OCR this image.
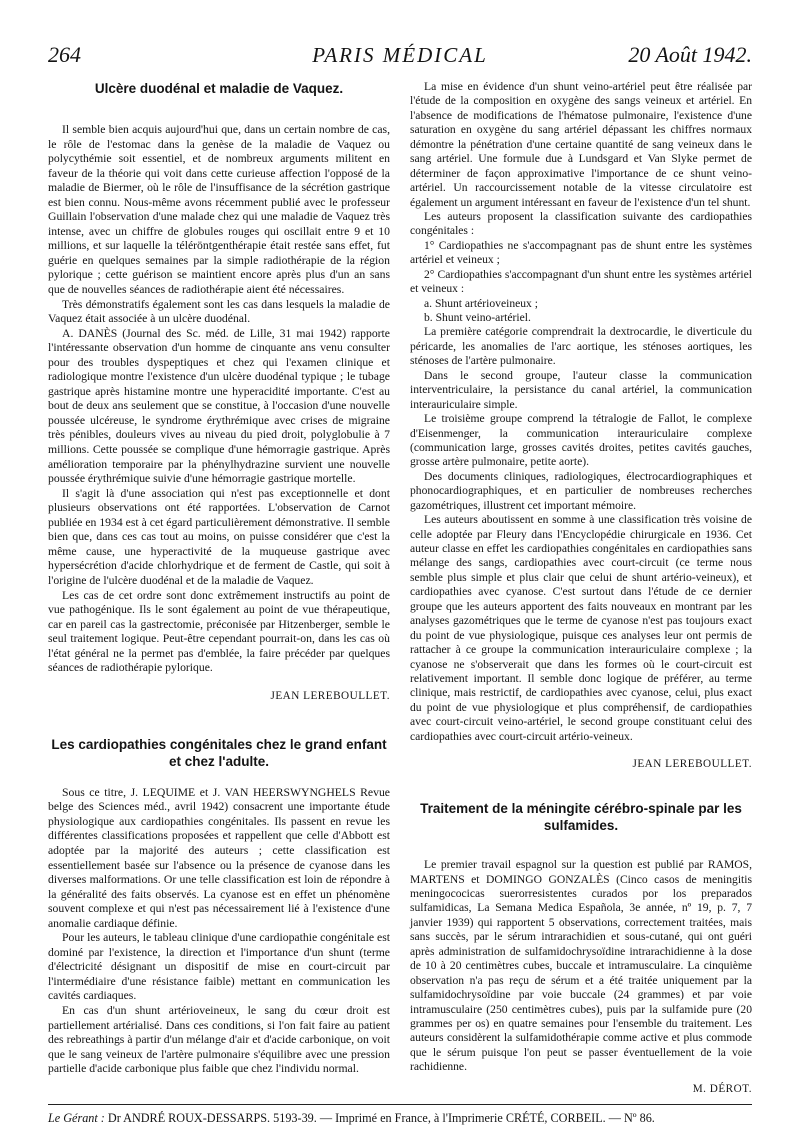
264	PARIS MÉDICAL	20 Août 1942.
Ulcère duodénal et maladie de Vaquez.

Il semble bien acquis aujourd'hui que, dans un certain nombre de cas, le rôle de l'estomac dans la genèse de la maladie de Vaquez ou polycythémie soit essentiel, et de nombreux arguments militent en faveur de la théorie qui voit dans cette curieuse affection l'opposé de la maladie de Biermer, où le rôle de l'insuffisance de la sécrétion gastrique est bien connu. Nous-même avons récemment publié avec le professeur Guillain l'observation d'une malade chez qui une maladie de Vaquez très intense, avec un chiffre de globules rouges qui oscillait entre 9 et 10 millions, et sur laquelle la téléröntgenthérapie était restée sans effet, fut guérie en quelques semaines par la simple radiothérapie de la région pylorique ; cette guérison se maintient encore après plus d'un an sans que de nouvelles séances de radiothérapie aient été nécessaires.

Très démonstratifs également sont les cas dans lesquels la maladie de Vaquez était associée à un ulcère duodénal.

A. DANÈS (Journal des Sc. méd. de Lille, 31 mai 1942) rapporte l'intéressante observation d'un homme de cinquante ans venu consulter pour des troubles dyspeptiques et chez qui l'examen clinique et radiologique montre l'existence d'un ulcère duodénal typique ; le tubage gastrique après histamine montre une hyperacidité importante. C'est au bout de deux ans seulement que se constitue, à l'occasion d'une nouvelle poussée ulcéreuse, le syndrome érythrémique avec crises de migraine très pénibles, douleurs vives au niveau du pied droit, polyglobulie à 7 millions. Cette poussée se complique d'une hémorragie gastrique. Après amélioration temporaire par la phénylhydrazine survient une nouvelle poussée érythrémique suivie d'une hémorragie gastrique mortelle.

Il s'agit là d'une association qui n'est pas exceptionnelle et dont plusieurs observations ont été rapportées. L'observation de Carnot publiée en 1934 est à cet égard particulièrement démonstrative. Il semble bien que, dans ces cas tout au moins, on puisse considérer que c'est la même cause, une hyperactivité de la muqueuse gastrique avec hypersécrétion d'acide chlorhydrique et de ferment de Castle, qui soit à l'origine de l'ulcère duodénal et de la maladie de Vaquez.

Les cas de cet ordre sont donc extrêmement instructifs au point de vue pathogénique. Ils le sont également au point de vue thérapeutique, car en pareil cas la gastrectomie, préconisée par Hitzenberger, semble le seul traitement logique. Peut-être cependant pourrait-on, dans les cas où l'état général ne la permet pas d'emblée, la faire précéder par quelques séances de radiothérapie pylorique.

JEAN LEREBOULLET.

Les cardiopathies congénitales chez le grand enfant et chez l'adulte.

Sous ce titre, J. LEQUIME et J. VAN HEERSWYNGHELS Revue belge des Sciences méd., avril 1942) consacrent une importante étude physiologique aux cardiopathies congénitales. Ils passent en revue les différentes classifications proposées et rappellent que celle d'Abbott est adoptée par la majorité des auteurs ; cette classification est essentiellement basée sur l'absence ou la présence de cyanose dans les diverses malformations. Or une telle classification est loin de répondre à la généralité des faits observés. La cyanose est en effet un phénomène souvent complexe et qui n'est pas nécessairement lié à l'existence d'une anomalie cardiaque définie.

Pour les auteurs, le tableau clinique d'une cardiopathie congénitale est dominé par l'existence, la direction et l'importance d'un shunt (terme d'électricité désignant un dispositif de mise en court-circuit par l'intermédiaire d'une résistance faible) mettant en communication les cavités cardiaques.

En cas d'un shunt artérioveineux, le sang du cœur droit est partiellement artérialisé. Dans ces conditions, si l'on fait faire au patient des rebreathings à partir d'un mélange d'air et d'acide carbonique, on voit que le sang veineux de l'artère pulmonaire s'équilibre avec une pression partielle d'acide carbonique plus faible que chez l'individu normal.

La mise en évidence d'un shunt veino-artériel peut être réalisée par l'étude de la composition en oxygène des sangs veineux et artériel. En l'absence de modifications de l'hématose pulmonaire, l'existence d'une saturation en oxygène du sang artériel dépassant les chiffres normaux démontre la pénétration d'une certaine quantité de sang veineux dans le sang artériel. Une formule due à Lundsgard et Van Slyke permet de déterminer de façon approximative l'importance de ce shunt veino-artériel. Un raccourcissement notable de la vitesse circulatoire est également un argument intéressant en faveur de l'existence d'un tel shunt.

Les auteurs proposent la classification suivante des cardiopathies congénitales :

1° Cardiopathies ne s'accompagnant pas de shunt entre les systèmes artériel et veineux ;

2° Cardiopathies s'accompagnant d'un shunt entre les systèmes artériel et veineux :

a. Shunt artérioveineux ;

b. Shunt veino-artériel.

La première catégorie comprendrait la dextrocardie, le diverticule du péricarde, les anomalies de l'arc aortique, les sténoses aortiques, les sténoses de l'artère pulmonaire.

Dans le second groupe, l'auteur classe la communication interventriculaire, la persistance du canal artériel, la communication interauriculaire simple.

Le troisième groupe comprend la tétralogie de Fallot, le complexe d'Eisenmenger, la communication interauriculaire complexe (communication large, grosses cavités droites, petites cavités gauches, grosse artère pulmonaire, petite aorte).

Des documents cliniques, radiologiques, électrocardiographiques et phonocardiographiques, et en particulier de nombreuses recherches gazométriques, illustrent cet important mémoire.

Les auteurs aboutissent en somme à une classification très voisine de celle adoptée par Fleury dans l'Encyclopédie chirurgicale en 1936. Cet auteur classe en effet les cardiopathies congénitales en cardiopathies sans mélange des sangs, cardiopathies avec court-circuit (ce terme nous semble plus simple et plus clair que celui de shunt artério-veineux), et cardiopathies avec cyanose. C'est surtout dans l'étude de ce dernier groupe que les auteurs apportent des faits nouveaux en montrant par les analyses gazométriques que le terme de cyanose n'est pas toujours exact du point de vue physiologique, puisque ces analyses leur ont permis de rattacher à ce groupe la communication interauriculaire complexe ; la cyanose ne s'observerait que dans les formes où le court-circuit est relativement important. Il semble donc logique de préférer, au terme clinique, mais restrictif, de cardiopathies avec cyanose, celui, plus exact du point de vue physiologique et plus compréhensif, de cardiopathies avec court-circuit veino-artériel, le second groupe constituant celui des cardiopathies avec court-circuit artério-veineux.

JEAN LEREBOULLET.

Traitement de la méningite cérébro-spinale par les sulfamides.

Le premier travail espagnol sur la question est publié par RAMOS, MARTENS et DOMINGO GONZALÈS (Cinco casos de meningitis meningococicas suerorresistentes curados por los preparados sulfamidicas, La Semana Medica Española, 3e année, nº 19, p. 7, 7 janvier 1939) qui rapportent 5 observations, correctement traitées, mais sans succès, par le sérum intrarachidien et sous-cutané, qui ont guéri après administration de sulfamidochrysoïdine intrarachidienne à la dose de 10 à 20 centimètres cubes, buccale et intramusculaire. La cinquième observation n'a pas reçu de sérum et a été traitée uniquement par la sulfamidochrysoïdine par voie buccale (24 grammes) et par voie intramusculaire (250 centimètres cubes), puis par la sulfamide pure (20 grammes per os) en quatre semaines pour l'ensemble du traitement. Les auteurs considèrent la sulfamidothérapie comme active et plus commode que le sérum puisque l'on peut se passer éventuellement de la voie rachidienne.

M. DÉROT.

Le Gérant : Dr ANDRÉ ROUX-DESSARPS. 5193-39. — Imprimé en France, à l'Imprimerie CRÉTÉ, CORBEIL. — Nº 86.
